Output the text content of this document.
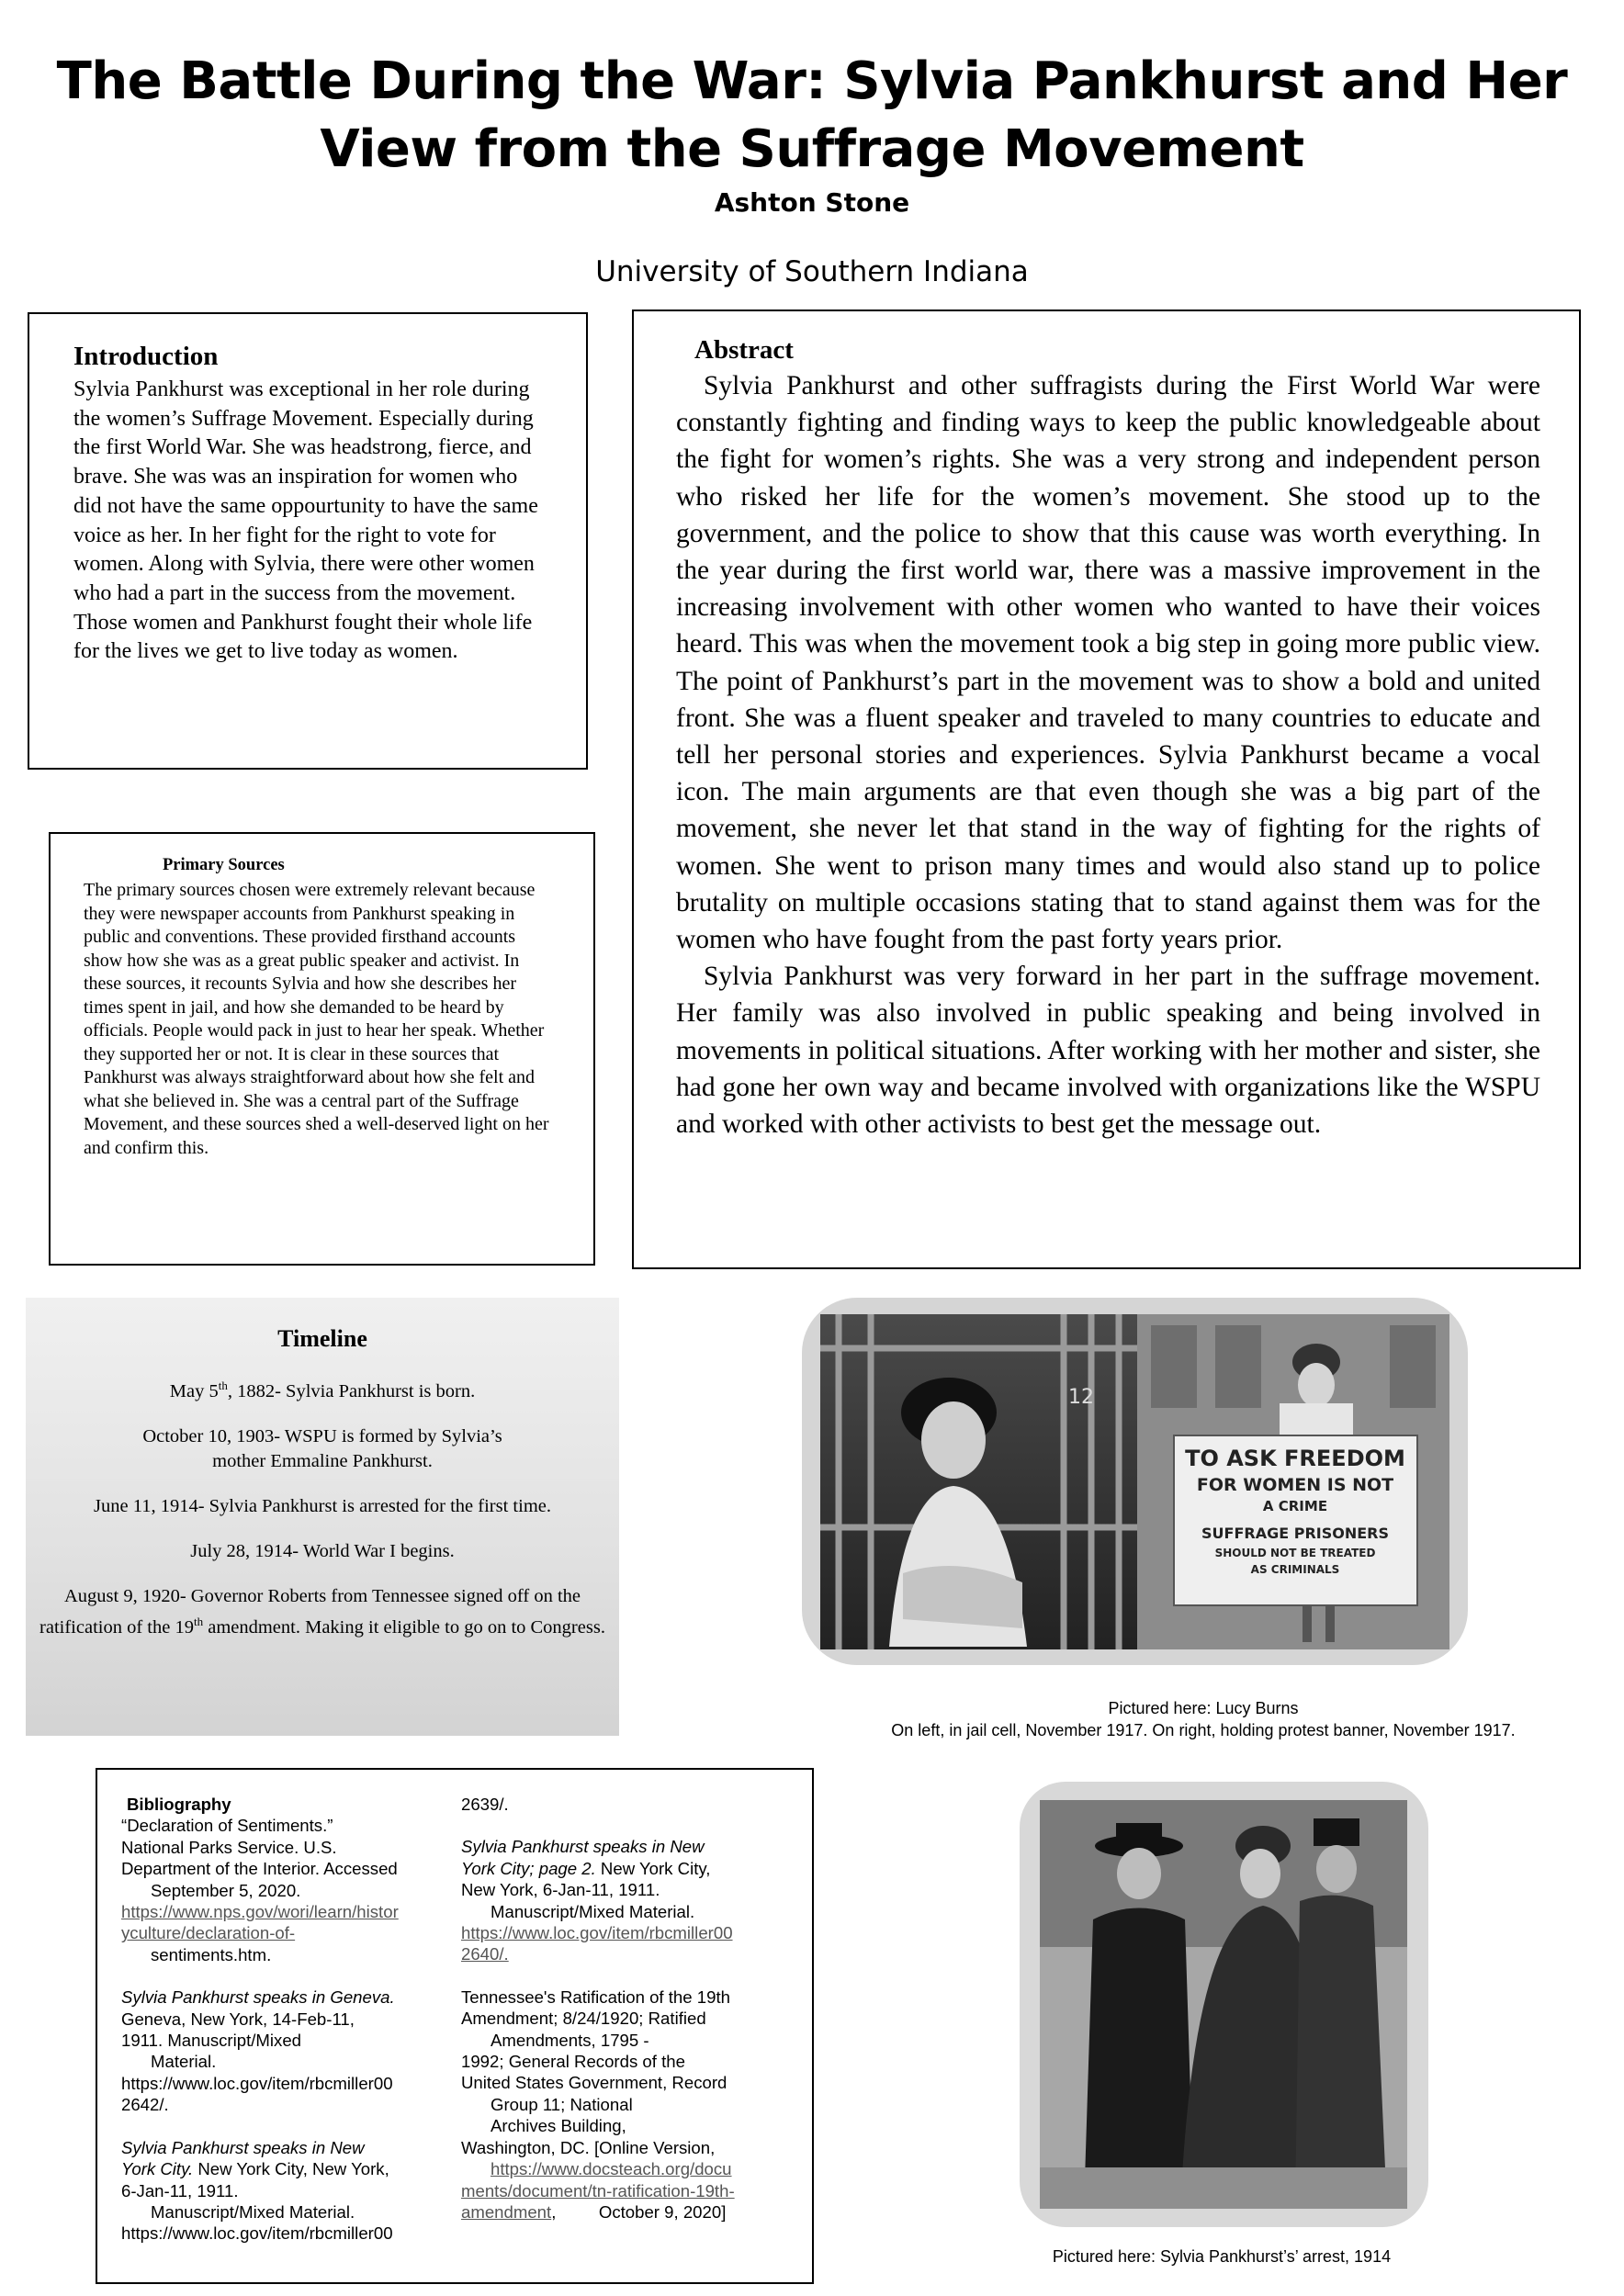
The Battle During the War: Sylvia Pankhurst and Her
View from the Suffrage Movement
Ashton Stone
University of Southern Indiana
Introduction

Sylvia Pankhurst was exceptional in her role during the women’s Suffrage Movement. Especially during the first World War. She was headstrong, fierce, and brave. She was was an inspiration for women who did not have the same oppourtunity to have the same voice as her. In her fight for the right to vote for women. Along with Sylvia, there were other women who had a part in the success from the movement. Those women and Pankhurst fought their whole life for the lives we get to live today as women.

Primary Sources

The primary sources chosen were extremely relevant because they were newspaper accounts from Pankhurst speaking in public and conventions. These provided firsthand accounts show how she was as a great public speaker and activist. In these sources, it recounts Sylvia and how she describes her times spent in jail, and how she demanded to be heard by officials. People would pack in just to hear her speak. Whether they supported her or not. It is clear in these sources that Pankhurst was always straightforward about how she felt and what she believed in. She was a central part of the Suffrage Movement, and these sources shed a well-deserved light on her and confirm this.

Abstract

Sylvia Pankhurst and other suffragists during the First World War were constantly fighting and finding ways to keep the public knowledgeable about the fight for women’s rights. She was a very strong and independent person who risked her life for the women’s movement. She stood up to the government, and the police to show that this cause was worth everything. In the year during the first world war, there was a massive improvement in the increasing involvement with other women who wanted to have their voices heard. This was when the movement took a big step in going more public view. The point of Pankhurst’s part in the movement was to show a bold and united front. She was a fluent speaker and traveled to many countries to educate and tell her personal stories and experiences. Sylvia Pankhurst became a vocal icon. The main arguments are that even though she was a big part of the movement, she never let that stand in the way of fighting for the rights of women. She went to prison many times and would also stand up to police brutality on multiple occasions stating that to stand against them was for the women who have fought from the past forty years prior.

Sylvia Pankhurst was very forward in her part in the suffrage movement. Her family was also involved in public speaking and being involved in movements in political situations. After working with her mother and sister, she had gone her own way and became involved with organizations like the WSPU and worked with other activists to best get the message out.

Timeline
May 5th, 1882- Sylvia Pankhurst is born.
October 10, 1903- WSPU is formed by Sylvia’s mother Emmaline Pankhurst.
June 11, 1914- Sylvia Pankhurst is arrested for the first time.
July 28, 1914- World War I begins.
August 9, 1920- Governor Roberts from Tennessee signed off on the ratification of the 19th amendment. Making it eligible to go on to Congress.
12
TO ASK FREEDOM
FOR WOMEN IS NOT
A CRIME
SUFFRAGE PRISONERS
SHOULD NOT BE TREATED
AS CRIMINALS
Pictured here: Lucy Burns
On left, in jail cell, November 1917. On right, holding protest banner, November 1917.
Pictured here: Sylvia Pankhurst’s’ arrest, 1914
Bibliography
“Declaration of Sentiments.”
National Parks Service. U.S.
Department of the Interior. Accessed
September 5, 2020.
https://www.nps.gov/wori/learn/histor
yculture/declaration-of-
sentiments.htm.
Sylvia Pankhurst speaks in Geneva.
Geneva, New York, 14-Feb-11,
1911. Manuscript/Mixed
Material.
https://www.loc.gov/item/rbcmiller00
2642/.
Sylvia Pankhurst speaks in New
York City. New York City, New York,
6-Jan-11, 1911.
Manuscript/Mixed Material.
https://www.loc.gov/item/rbcmiller00
2639/.
Sylvia Pankhurst speaks in New
York City; page 2. New York City,
New York, 6-Jan-11, 1911.
Manuscript/Mixed Material.
https://www.loc.gov/item/rbcmiller00
2640/.
Tennessee's Ratification of the 19th
Amendment; 8/24/1920; Ratified
Amendments, 1795 -
1992; General Records of the
United States Government, Record
Group 11; National
Archives Building,
Washington, DC. [Online Version,
https://www.docsteach.org/docu
ments/document/tn-ratification-19th-
amendment,         October 9, 2020]
